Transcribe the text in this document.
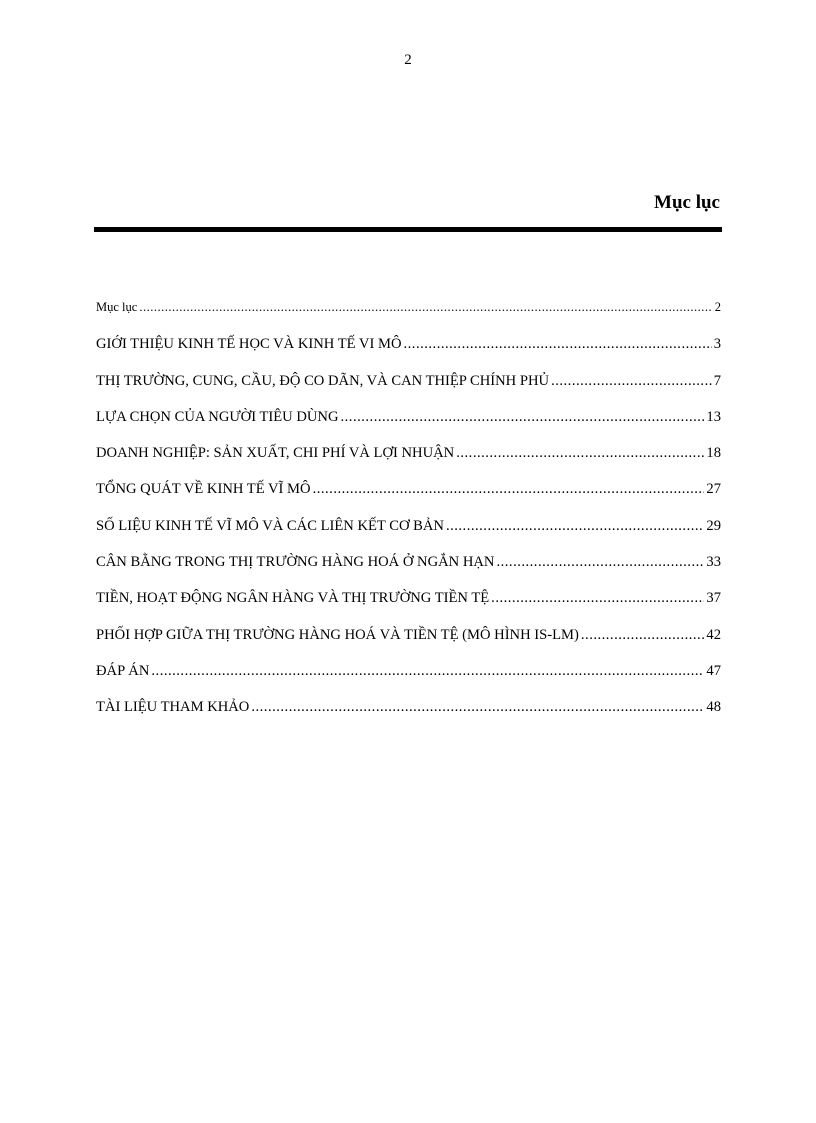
2
Mục lục
Mục lục .....	2
GIỚI THIỆU KINH TẾ HỌC VÀ KINH TẾ VI MÔ .....	3
THỊ TRƯỜNG, CUNG, CẦU, ĐỘ CO DÃN, VÀ CAN THIỆP CHÍNH PHỦ .....	7
LỰA CHỌN CỦA NGƯỜI TIÊU DÙNG .....	13
DOANH NGHIỆP: SẢN XUẤT, CHI PHÍ VÀ LỢI NHUẬN .....	18
TỔNG QUÁT VỀ KINH TẾ VĨ MÔ .....	27
SỐ LIỆU KINH TẾ VĨ MÔ VÀ CÁC LIÊN KẾT CƠ BẢN .....	29
CÂN BẰNG TRONG THỊ TRƯỜNG HÀNG HOÁ Ở NGẮN HẠN .....	33
TIỀN, HOẠT ĐỘNG NGÂN HÀNG VÀ THỊ TRƯỜNG TIỀN TỆ .....	37
PHỐI HỢP GIỮA THỊ TRƯỜNG HÀNG HOÁ VÀ TIỀN TỆ (MÔ HÌNH IS-LM) .....	42
ĐÁP ÁN .....	47
TÀI LIỆU THAM KHẢO .....	48
